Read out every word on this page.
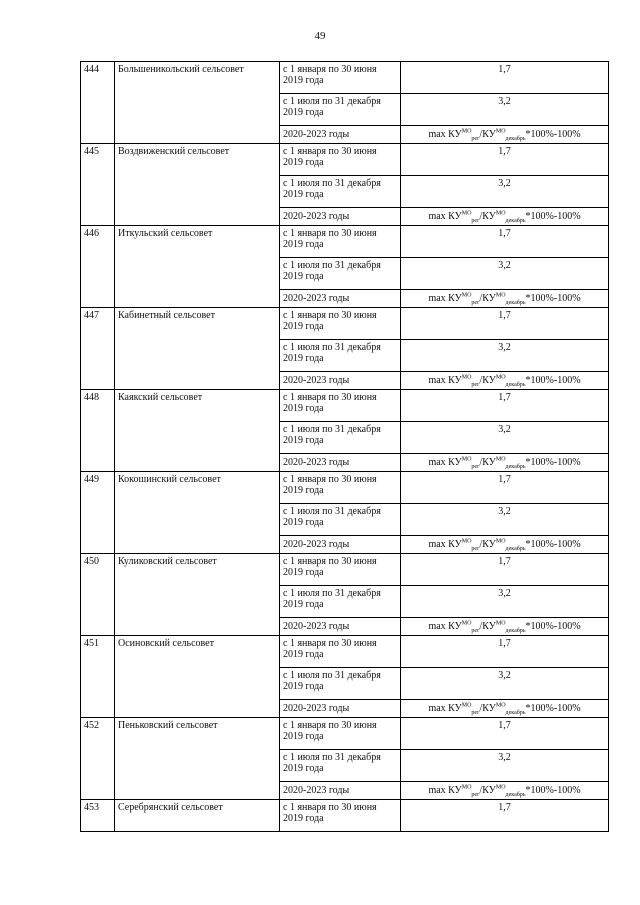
49
444	Большеникольский сельсовет	с 1 января по 30 июня 2019 года	1,7
		с 1 июля по 31 декабря 2019 года	3,2
		2020-2023 годы	$\max КУ^{МО}_{рег}/КУ^{МО}_{декабрь}*100\%-100\%$
445	Воздвиженский сельсовет	с 1 января по 30 июня 2019 года	1,7
		с 1 июля по 31 декабря 2019 года	3,2
		2020-2023 годы	$\max КУ^{МО}_{рег}/КУ^{МО}_{декабрь}*100\%-100\%$
446	Иткульский сельсовет	с 1 января по 30 июня 2019 года	1,7
		с 1 июля по 31 декабря 2019 года	3,2
		2020-2023 годы	$\max КУ^{МО}_{рег}/КУ^{МО}_{декабрь}*100\%-100\%$
447	Кабинетный сельсовет	с 1 января по 30 июня 2019 года	1,7
		с 1 июля по 31 декабря 2019 года	3,2
		2020-2023 годы	$\max КУ^{МО}_{рег}/КУ^{МО}_{декабрь}*100\%-100\%$
448	Каякский сельсовет	с 1 января по 30 июня 2019 года	1,7
		с 1 июля по 31 декабря 2019 года	3,2
		2020-2023 годы	$\max КУ^{МО}_{рег}/КУ^{МО}_{декабрь}*100\%-100\%$
449	Кокошинский сельсовет	с 1 января по 30 июня 2019 года	1,7
		с 1 июля по 31 декабря 2019 года	3,2
		2020-2023 годы	$\max КУ^{МО}_{рег}/КУ^{МО}_{декабрь}*100\%-100\%$
450	Куликовский сельсовет	с 1 января по 30 июня 2019 года	1,7
		с 1 июля по 31 декабря 2019 года	3,2
		2020-2023 годы	$\max КУ^{МО}_{рег}/КУ^{МО}_{декабрь}*100\%-100\%$
451	Осиновский сельсовет	с 1 января по 30 июня 2019 года	1,7
		с 1 июля по 31 декабря 2019 года	3,2
		2020-2023 годы	$\max КУ^{МО}_{рег}/КУ^{МО}_{декабрь}*100\%-100\%$
452	Пеньковский сельсовет	с 1 января по 30 июня 2019 года	1,7
		с 1 июля по 31 декабря 2019 года	3,2
		2020-2023 годы	$\max КУ^{МО}_{рег}/КУ^{МО}_{декабрь}*100\%-100\%$
453	Серебрянский сельсовет	с 1 января по 30 июня 2019 года	1,7
